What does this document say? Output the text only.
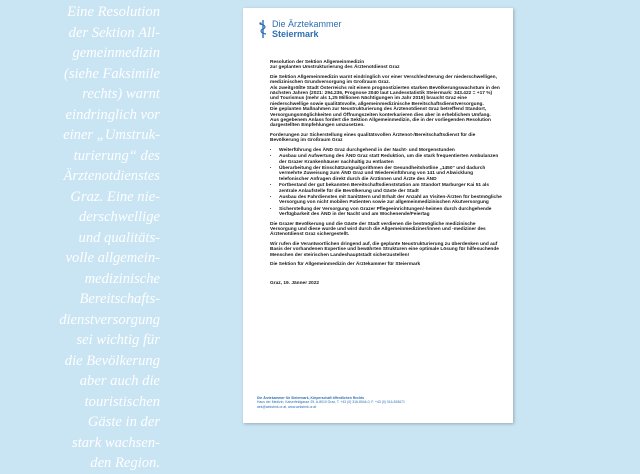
Eine Resolution
der Sektion All-
gemeinmedizin
(siehe Faksimile
rechts) warnt
eindringlich vor
einer „Umstruk-
turierung“ des
Ärztenotdienstes
Graz. Eine nie-
derschwellige
und qualitäts-
volle allgemein-
medizinische
Bereitschafts-
dienstversorgung
sei wichtig für
die Bevölkerung
aber auch die
touristischen
Gäste in der
stark wachsen-
den Region.
Die Ärztekammer
Steiermark

Resolution der Sektion Allgemeinmedizin
zur geplanten Umstrukturierung des Ärztenotdienst Graz

Die Sektion Allgemeinmedizin warnt eindringlich vor einer Verschlechterung der niederschwelligen, medizinischen Grundversorgung im Großraum Graz.
Als zweitgrößte Stadt Österreichs mit einem prognostizierten starken Bevölkerungswachstum in den nächsten Jahren (2021: 294.236, Prognose 2040 laut Landesstatistik Steiermark: 343.422 = +17 %) und Tourismus (mehr als 1,25 Millionen Nächtigungen im Jahr 2019) braucht Graz eine niederschwellige sowie qualitätsvolle, allgemeinmedizinische Bereitschaftsdienstversorgung.
Die geplanten Maßnahmen zur Neustrukturierung des Ärztenotdienst Graz betreffend Standort, Versorgungsmöglichkeiten und Öffnungszeiten konterkarieren dies aber in erheblichem Umfang.
Aus gegebenem Anlass fordert die Sektion Allgemeinmedizin, die in der vorliegenden Resolution dargestellten Empfehlungen umzusetzen.

Forderungen zur Sicherstellung eines qualitätsvollen Ärztenot-/Bereitschaftsdienst für die Bevölkerung im Großraum Graz

• Weiterführung des ÄND Graz durchgehend in der Nacht- und Morgenstunden
• Ausbau und Aufwertung des ÄND Graz statt Reduktion, um die stark frequentierten Ambulanzen der Grazer Krankenhäuser nachhaltig zu entlasten
• Überarbeitung der Einschätzungsalgorithmen der Gesundheitshotline „1450“ und dadurch vermehrte Zuweisung zum ÄND Graz und Wiedereinführung von 141 und Abwicklung telefonischer Anfragen direkt durch die Ärztinnen und Ärzte des ÄND
• Fortbestand der gut bekannten Bereitschaftsdienststation am Standort Marburger Kai 51 als zentrale Anlaufstelle für die Bevölkerung und Gäste der Stadt
• Ausbau des Fahrdienstes mit Sanitätern und Erhalt der Anzahl an Visiten-Ärzten für bestmögliche Versorgung von nicht mobilen Patienten sowie zur allgemeinmedizinischen Akutversorgung
• Sicherstellung der Versorgung von Grazer Pflegeeinrichtungen/-heimen durch durchgehende Verfügbarkeit des ÄND in der Nacht und am Wochenende/Feiertag

Die Grazer Bevölkerung und die Gäste der Stadt verdienen die bestmögliche medizinische Versorgung und diese wurde und wird durch die Allgemeinmediziner/innen und -mediziner des Ärztenotdienst Graz sichergestellt.

Wir rufen die Verantwortlichen dringend auf, die geplante Neustrukturierung zu überdenken und auf Basis der vorhandenen Expertise und bewährten Strukturen eine optimale Lösung für hilfesuchende Menschen der steirischen Landeshauptstadt sicherzustellen!

Die Sektion für Allgemeinmedizin der Ärztekammer für Steiermark

Graz, 19. Jänner 2022

Die Ärztekammer für Steiermark, Körperschaft öffentlichen Rechts
Haus der Medizin, Kaiserfeldgasse 29, A-8010 Graz, T. +43 (0) 316-8044-0, F. +43 (0) 316-815671
aek@aekstmk.or.at, www.aekstmk.or.at
